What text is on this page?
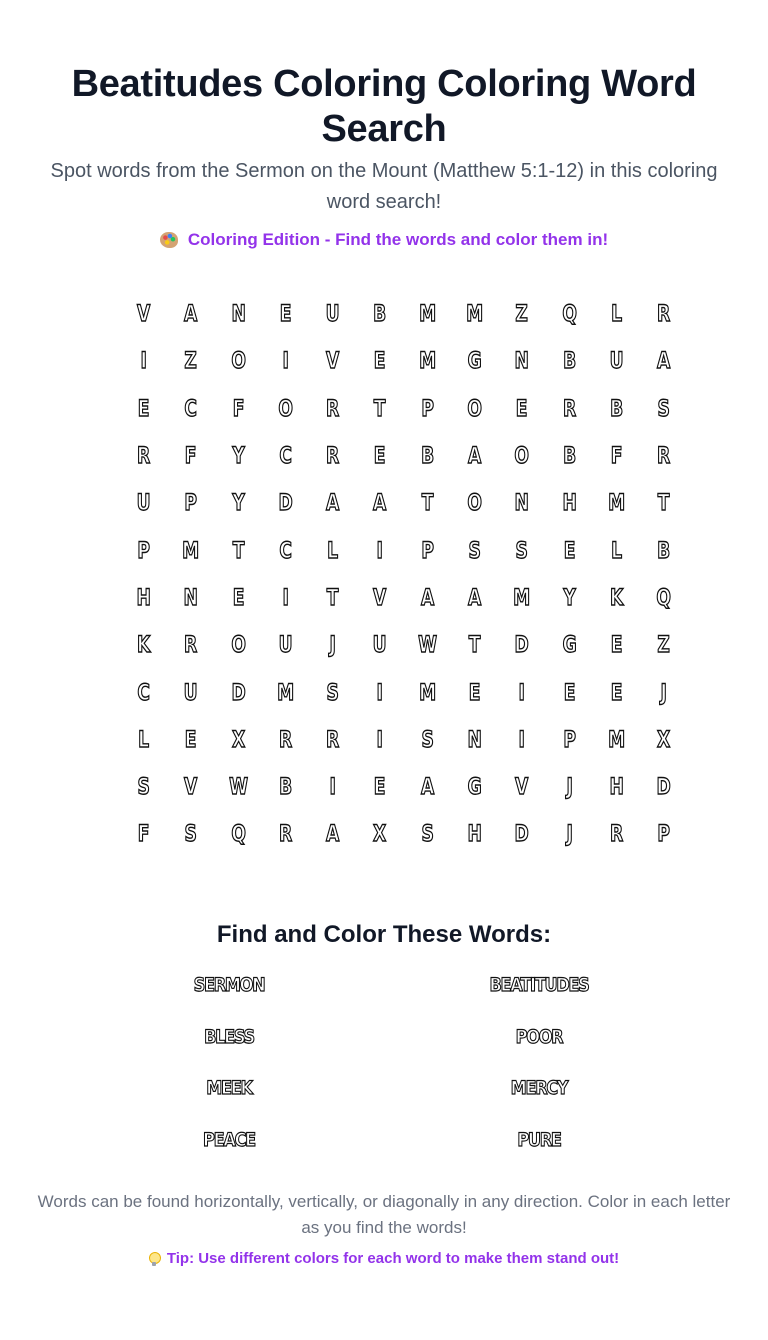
Beatitudes Coloring Coloring Word Search

Spot words from the Sermon on the Mount (Matthew 5:1-12) in this coloring word search!

Coloring Edition - Find the words and color them in!
V	A	N	E	U	B	M	M	Z	Q	L	R
I	Z	O	I	V	E	M	G	N	B	U	A
E	C	F	O	R	T	P	O	E	R	B	S
R	F	Y	C	R	E	B	A	O	B	F	R
U	P	Y	D	A	A	T	O	N	H	M	T
P	M	T	C	L	I	P	S	S	E	L	B
H	N	E	I	T	V	A	A	M	Y	K	Q
K	R	O	U	J	U	W	T	D	G	E	Z
C	U	D	M	S	I	M	E	I	E	E	J
L	E	X	R	R	I	S	N	I	P	M	X
S	V	W	B	I	E	A	G	V	J	H	D
F	S	Q	R	A	X	S	H	D	J	R	P
Find and Color These Words:
SERMON	BEATITUDES
BLESS	POOR
MEEK	MERCY
PEACE	PURE

Words can be found horizontally, vertically, or diagonally in any direction. Color in each letter as you find the words!

Tip: Use different colors for each word to make them stand out!
